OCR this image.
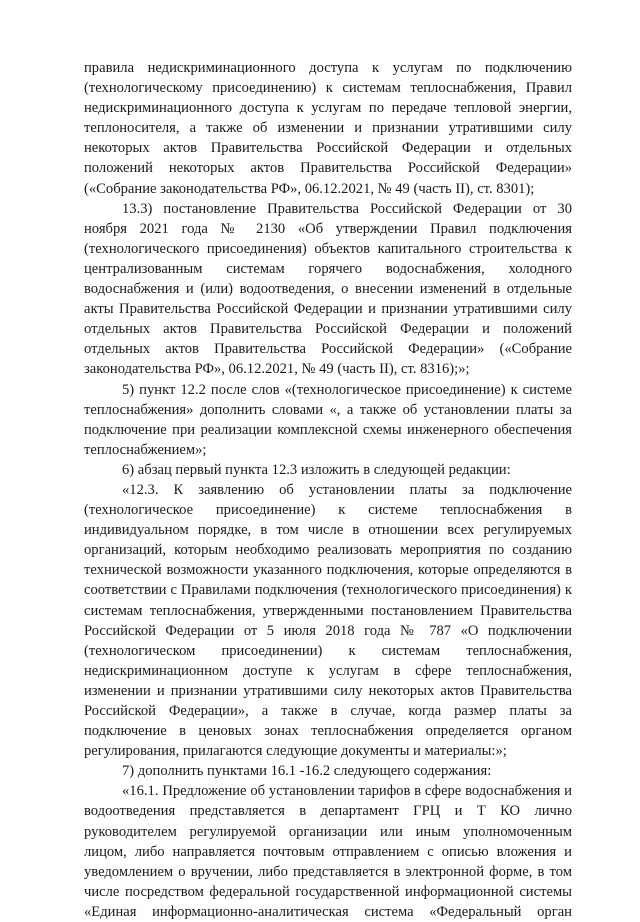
правила недискриминационного доступа к услугам по подключению (технологическому присоединению) к системам теплоснабжения, Правил недискриминационного доступа к услугам по передаче тепловой энергии, теплоносителя, а также об изменении и признании утратившими силу некоторых актов Правительства Российской Федерации и отдельных положений некоторых актов Правительства Российской Федерации» («Собрание законодательства РФ», 06.12.2021, № 49 (часть II), ст. 8301);

13.3) постановление Правительства Российской Федерации от 30 ноября 2021 года № 2130 «Об утверждении Правил подключения (технологического присоединения) объектов капитального строительства к централизованным системам горячего водоснабжения, холодного водоснабжения и (или) водоотведения, о внесении изменений в отдельные акты Правительства Российской Федерации и признании утратившими силу отдельных актов Правительства Российской Федерации и положений отдельных актов Правительства Российской Федерации» («Собрание законодательства РФ», 06.12.2021, № 49 (часть II), ст. 8316);»;

5) пункт 12.2 после слов «(технологическое присоединение) к системе теплоснабжения» дополнить словами «, а также об установлении платы за подключение при реализации комплексной схемы инженерного обеспечения теплоснабжением»;

6) абзац первый пункта 12.3 изложить в следующей редакции:

«12.3. К заявлению об установлении платы за подключение (технологическое присоединение) к системе теплоснабжения в индивидуальном порядке, в том числе в отношении всех регулируемых организаций, которым необходимо реализовать мероприятия по созданию технической возможности указанного подключения, которые определяются в соответствии с Правилами подключения (технологического присоединения) к системам теплоснабжения, утвержденными постановлением Правительства Российской Федерации от 5 июля 2018 года № 787 «О подключении (технологическом присоединении) к системам теплоснабжения, недискриминационном доступе к услугам в сфере теплоснабжения, изменении и признании утратившими силу некоторых актов Правительства Российской Федерации», а также в случае, когда размер платы за подключение в ценовых зонах теплоснабжения определяется органом регулирования, прилагаются следующие документы и материалы:»;

7) дополнить пунктами 16.1 -16.2 следующего содержания:

«16.1. Предложение об установлении тарифов в сфере водоснабжения и водоотведения представляется в департамент ГРЦ и Т КО лично руководителем регулируемой организации или иным уполномоченным лицом, либо направляется почтовым отправлением с описью вложения и уведомлением о вручении, либо представляется в электронной форме, в том числе посредством федеральной государственной информационной системы «Единая информационно-аналитическая система «Федеральный орган
